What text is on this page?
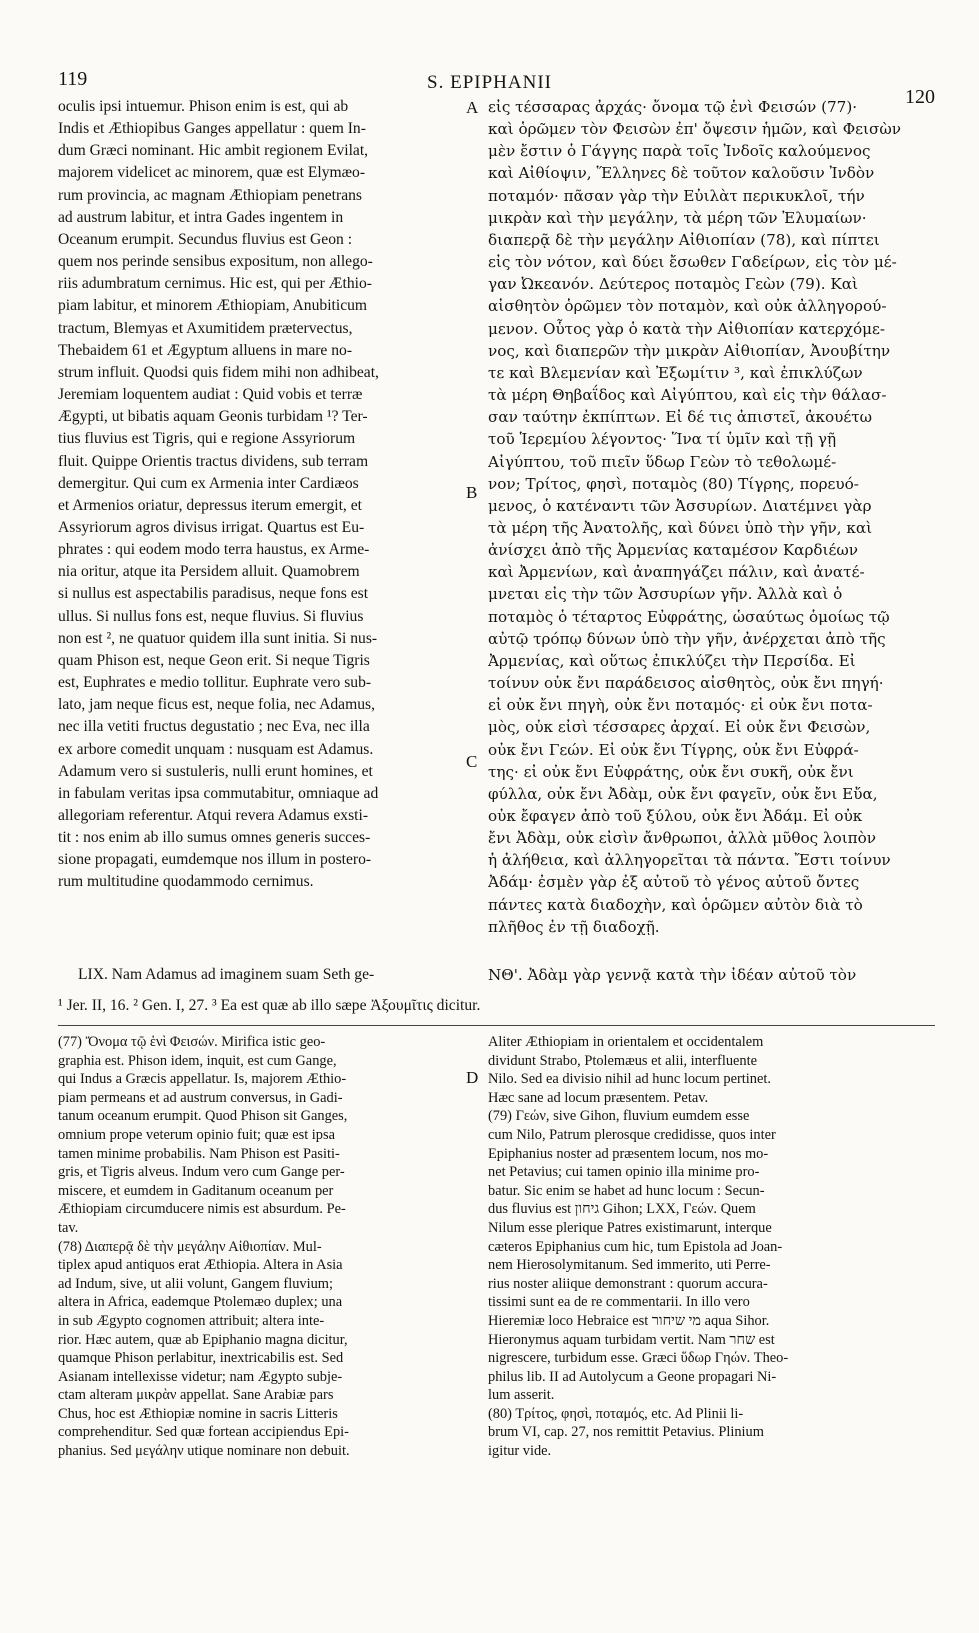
119	S. EPIPHANII
120
oculis ipsi intuemur. Phison enim is est, qui ab
Indis et Æthiopibus Ganges appellatur : quem In-
dum Græci nominant. Hic ambit regionem Evilat,
majorem videlicet ac minorem, quæ est Elymæo-
rum provincia, ac magnam Æthiopiam penetrans
ad austrum labitur, et intra Gades ingentem in
Oceanum erumpit. Secundus fluvius est Geon :
quem nos perinde sensibus expositum, non allego-
riis adumbratum cernimus. Hic est, qui per Æthio-
piam labitur, et minorem Æthiopiam, Anubiticum
tractum, Blemyas et Axumitidem prætervectus,
Thebaidem 61 et Ægyptum alluens in mare no-
strum influit. Quodsi quis fidem mihi non adhibeat,
Jeremiam loquentem audiat : Quid vobis et terræ
Ægypti, ut bibatis aquam Geonis turbidam ¹? Ter-
tius fluvius est Tigris, qui e regione Assyriorum
fluit. Quippe Orientis tractus dividens, sub terram
demergitur. Qui cum ex Armenia inter Cardiæos
et Armenios oriatur, depressus iterum emergit, et
Assyriorum agros divisus irrigat. Quartus est Eu-
phrates : qui eodem modo terra haustus, ex Arme-
nia oritur, atque ita Persidem alluit. Quamobrem
si nullus est aspectabilis paradisus, neque fons est
ullus. Si nullus fons est, neque fluvius. Si fluvius
non est ², ne quatuor quidem illa sunt initia. Si nus-
quam Phison est, neque Geon erit. Si neque Tigris
est, Euphrates e medio tollitur. Euphrate vero sub-
lato, jam neque ficus est, neque folia, nec Adamus,
nec illa vetiti fructus degustatio ; nec Eva, nec illa
ex arbore comedit unquam : nusquam est Adamus.
Adamum vero si sustuleris, nulli erunt homines, et
in fabulam veritas ipsa commutabitur, omniaque ad
allegoriam referentur. Atqui revera Adamus exsti-
tit : nos enim ab illo sumus omnes generis succes-
sione propagati, eumdemque nos illum in postero-
rum multitudine quodammodo cernimus.
εἰς τέσσαρας ἀρχάς· ὄνομα τῷ ἑνὶ Φεισών (77)·
καὶ ὁρῶμεν τὸν Φεισὼν ἐπ' ὄψεσιν ἡμῶν, καὶ Φεισὼν
μὲν ἔστιν ὁ Γάγγης παρὰ τοῖς Ἰνδοῖς καλούμενος
καὶ Αἰθίοψιν, Ἕλληνες δὲ τοῦτον καλοῦσιν Ἰνδὸν
ποταμόν· πᾶσαν γὰρ τὴν Εὐιλὰτ περικυκλοῖ, τήν
μικρὰν καὶ τὴν μεγάλην, τὰ μέρη τῶν Ἐλυμαίων·
διαπερᾷ δὲ τὴν μεγάλην Αἰθιοπίαν (78), καὶ πίπτει
εἰς τὸν νότον, καὶ δύει ἔσωθεν Γαδείρων, εἰς τὸν μέ-
γαν Ὠκεανόν. Δεύτερος ποταμὸς Γεὼν (79). Καὶ
αἰσθητὸν ὁρῶμεν τὸν ποταμὸν, καὶ οὐκ ἀλληγορού-
μενον. Οὗτος γὰρ ὁ κατὰ τὴν Αἰθιοπίαν κατερχόμε-
νος, καὶ διαπερῶν τὴν μικρὰν Αἰθιοπίαν, Ἀνουβίτην
τε καὶ Βλεμενίαν καὶ Ἐξωμίτιν ³, καὶ ἐπικλύζων
τὰ μέρη Θηβαΐδος καὶ Αἰγύπτου, καὶ εἰς τὴν θάλασ-
σαν ταύτην ἐκπίπτων. Εἰ δέ τις ἀπιστεῖ, ἀκουέτω
τοῦ Ἱερεμίου λέγοντος· Ἵνα τί ὑμῖν καὶ τῇ γῇ
Αἰγύπτου, τοῦ πιεῖν ὕδωρ Γεὼν τὸ τεθολωμέ-
νον; Τρίτος, φησὶ, ποταμὸς (80) Τίγρης, πορευό-
μενος, ὁ κατέναντι τῶν Ἀσσυρίων. Διατέμνει γὰρ
τὰ μέρη τῆς Ἀνατολῆς, καὶ δύνει ὑπὸ τὴν γῆν, καὶ
ἀνίσχει ἀπὸ τῆς Ἀρμενίας καταμέσον Καρδιέων
καὶ Ἀρμενίων, καὶ ἀναπηγάζει πάλιν, καὶ ἀνατέ-
μνεται εἰς τὴν τῶν Ἀσσυρίων γῆν. Ἀλλὰ καὶ ὁ
ποταμὸς ὁ τέταρτος Εὐφράτης, ὡσαύτως ὁμοίως τῷ
αὐτῷ τρόπῳ δύνων ὑπὸ τὴν γῆν, ἀνέρχεται ἀπὸ τῆς
Ἀρμενίας, καὶ οὕτως ἐπικλύζει τὴν Περσίδα. Εἰ
τοίνυν οὐκ ἔνι παράδεισος αἰσθητὸς, οὐκ ἔνι πηγή·
εἰ οὐκ ἔνι πηγὴ, οὐκ ἔνι ποταμός· εἰ οὐκ ἔνι ποτα-
μὸς, οὐκ εἰσὶ τέσσαρες ἀρχαί. Εἰ οὐκ ἔνι Φεισὼν,
οὐκ ἔνι Γεών. Εἰ οὐκ ἔνι Τίγρης, οὐκ ἔνι Εὐφρά-
της· εἰ οὐκ ἔνι Εὐφράτης, οὐκ ἔνι συκῆ, οὐκ ἔνι
φύλλα, οὐκ ἔνι Ἀδὰμ, οὐκ ἔνι φαγεῖν, οὐκ ἔνι Εὔα,
οὐκ ἔφαγεν ἀπὸ τοῦ ξύλου, οὐκ ἔνι Ἀδάμ. Εἰ οὐκ
ἔνι Ἀδὰμ, οὐκ εἰσὶν ἄνθρωποι, ἀλλὰ μῦθος λοιπὸν
ἡ ἀλήθεια, καὶ ἀλληγορεῖται τὰ πάντα. Ἔστι τοίνυν
Ἀδάμ· ἐσμὲν γὰρ ἐξ αὐτοῦ τὸ γένος αὐτοῦ ὄντες
πάντες κατὰ διαδοχὴν, καὶ ὁρῶμεν αὐτὸν διὰ τὸ
πλῆθος ἐν τῇ διαδοχῇ.
A
B
C
D
LIX. Nam Adamus ad imaginem suam Seth ge-	ΝΘ'. Ἀδὰμ γὰρ γεννᾷ κατὰ τὴν ἰδέαν αὐτοῦ τὸν
¹ Jer. II, 16. ² Gen. I, 27. ³ Ea est quæ ab illo sæpe Ἀξουμῖτις dicitur.
(77) Ὄνομα τῷ ἑνὶ Φεισών. Mirifica istic geo-
graphia est. Phison idem, inquit, est cum Gange,
qui Indus a Græcis appellatur. Is, majorem Æthio-
piam permeans et ad austrum conversus, in Gadi-
tanum oceanum erumpit. Quod Phison sit Ganges,
omnium prope veterum opinio fuit; quæ est ipsa
tamen minime probabilis. Nam Phison est Pasiti-
gris, et Tigris alveus. Indum vero cum Gange per-
miscere, et eumdem in Gaditanum oceanum per
Æthiopiam circumducere nimis est absurdum. Pe-
tav.
(78) Διαπερᾷ δὲ τὴν μεγάλην Αἰθιοπίαν. Mul-
tiplex apud antiquos erat Æthiopia. Altera in Asia
ad Indum, sive, ut alii volunt, Gangem fluvium;
altera in Africa, eademque Ptolemæo duplex; una
in sub Ægypto cognomen attribuit; altera inte-
rior. Hæc autem, quæ ab Epiphanio magna dicitur,
quamque Phison perlabitur, inextricabilis est. Sed
Asianam intellexisse videtur; nam Ægypto subje-
ctam alteram μικρὰν appellat. Sane Arabiæ pars
Chus, hoc est Æthiopiæ nomine in sacris Litteris
comprehenditur. Sed quæ fortean accipiendus Epi-
phanius. Sed μεγάλην utique nominare non debuit.
Aliter Æthiopiam in orientalem et occidentalem
dividunt Strabo, Ptolemæus et alii, interfluente
Nilo. Sed ea divisio nihil ad hunc locum pertinet.
Hæc sane ad locum præsentem. Petav.
(79) Γεών, sive Gihon, fluvium eumdem esse
cum Nilo, Patrum plerosque credidisse, quos inter
Epiphanius noster ad præsentem locum, nos mo-
net Petavius; cui tamen opinio illa minime pro-
batur. Sic enim se habet ad hunc locum : Secun-
dus fluvius est גיחון Gihon; LXX, Γεών. Quem
Nilum esse plerique Patres existimarunt, interque
cæteros Epiphanius cum hic, tum Epistola ad Joan-
nem Hierosolymitanum. Sed immerito, uti Perre-
rius noster aliique demonstrant : quorum accura-
tissimi sunt ea de re commentarii. In illo vero
Hieremiæ loco Hebraice est מי שיחור aqua Sihor.
Hieronymus aquam turbidam vertit. Nam שחר est
nigrescere, turbidum esse. Græci ὕδωρ Γηών. Theo-
philus lib. II ad Autolycum a Geone propagari Ni-
lum asserit.
(80) Τρίτος, φησὶ, ποταμός, etc. Ad Plinii li-
brum VI, cap. 27, nos remittit Petavius. Plinium
igitur vide.
